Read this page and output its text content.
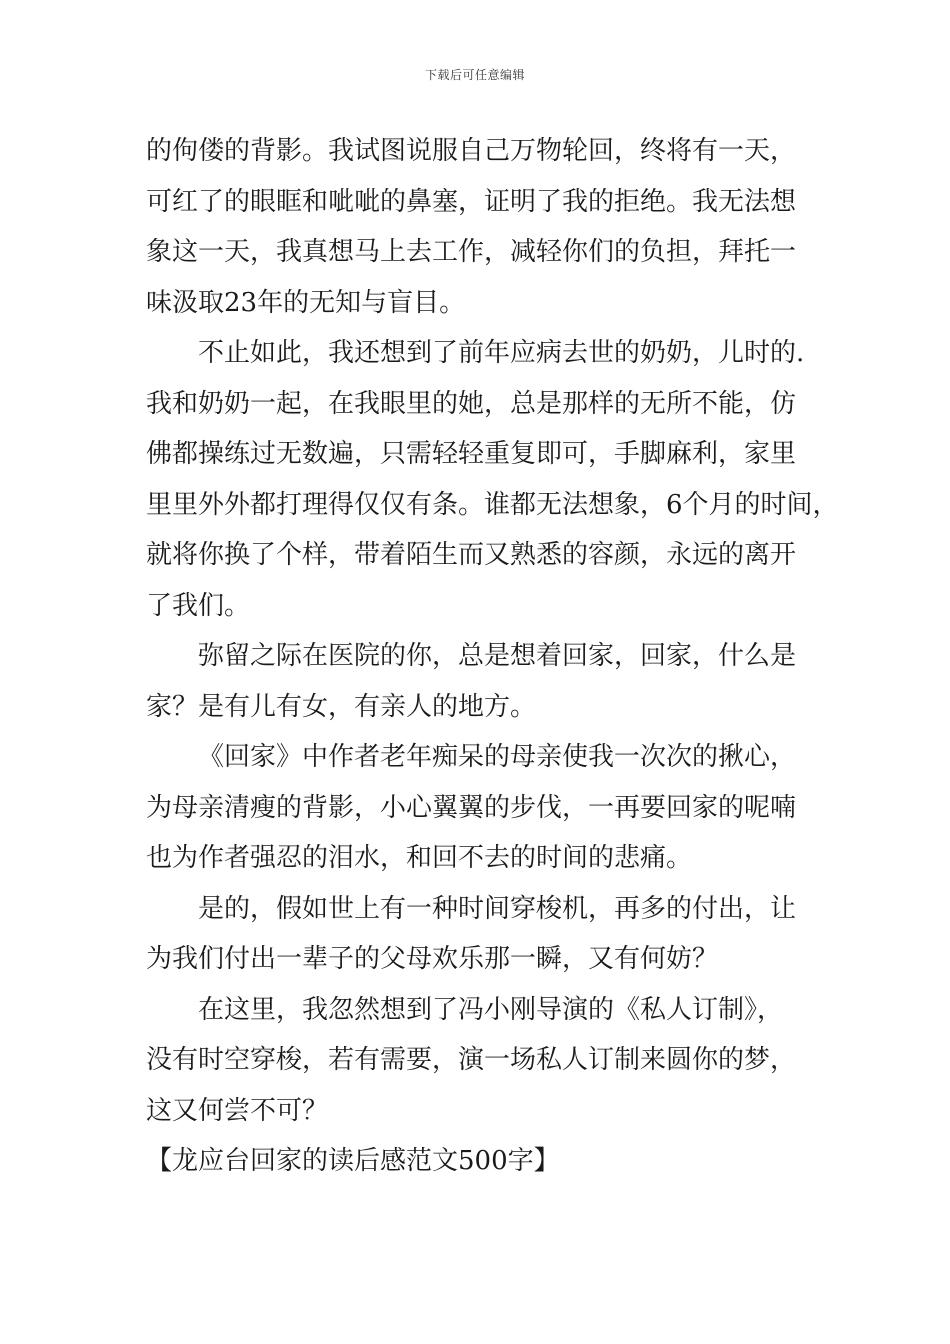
下载后可任意编辑
的佝偻的背影。我试图说服自己万物轮回，终将有一天，
可红了的眼眶和呲呲的鼻塞，证明了我的拒绝。我无法想
象这一天，我真想马上去工作，减轻你们的负担，拜托一
味汲取23年的无知与盲目。
不止如此，我还想到了前年应病去世的奶奶，儿时的.
我和奶奶一起，在我眼里的她，总是那样的无所不能，仿
佛都操练过无数遍，只需轻轻重复即可，手脚麻利，家里
里里外外都打理得仅仅有条。谁都无法想象，6个月的时间，
就将你换了个样，带着陌生而又熟悉的容颜，永远的离开
了我们。
弥留之际在医院的你，总是想着回家，回家，什么是
家？是有儿有女，有亲人的地方。
《回家》中作者老年痴呆的母亲使我一次次的揪心，
为母亲清瘦的背影，小心翼翼的步伐，一再要回家的呢喃
也为作者强忍的泪水，和回不去的时间的悲痛。
是的，假如世上有一种时间穿梭机，再多的付出，让
为我们付出一辈子的父母欢乐那一瞬，又有何妨？
在这里，我忽然想到了冯小刚导演的《私人订制》，
没有时空穿梭，若有需要，演一场私人订制来圆你的梦，
这又何尝不可？
【龙应台回家的读后感范文500字】
